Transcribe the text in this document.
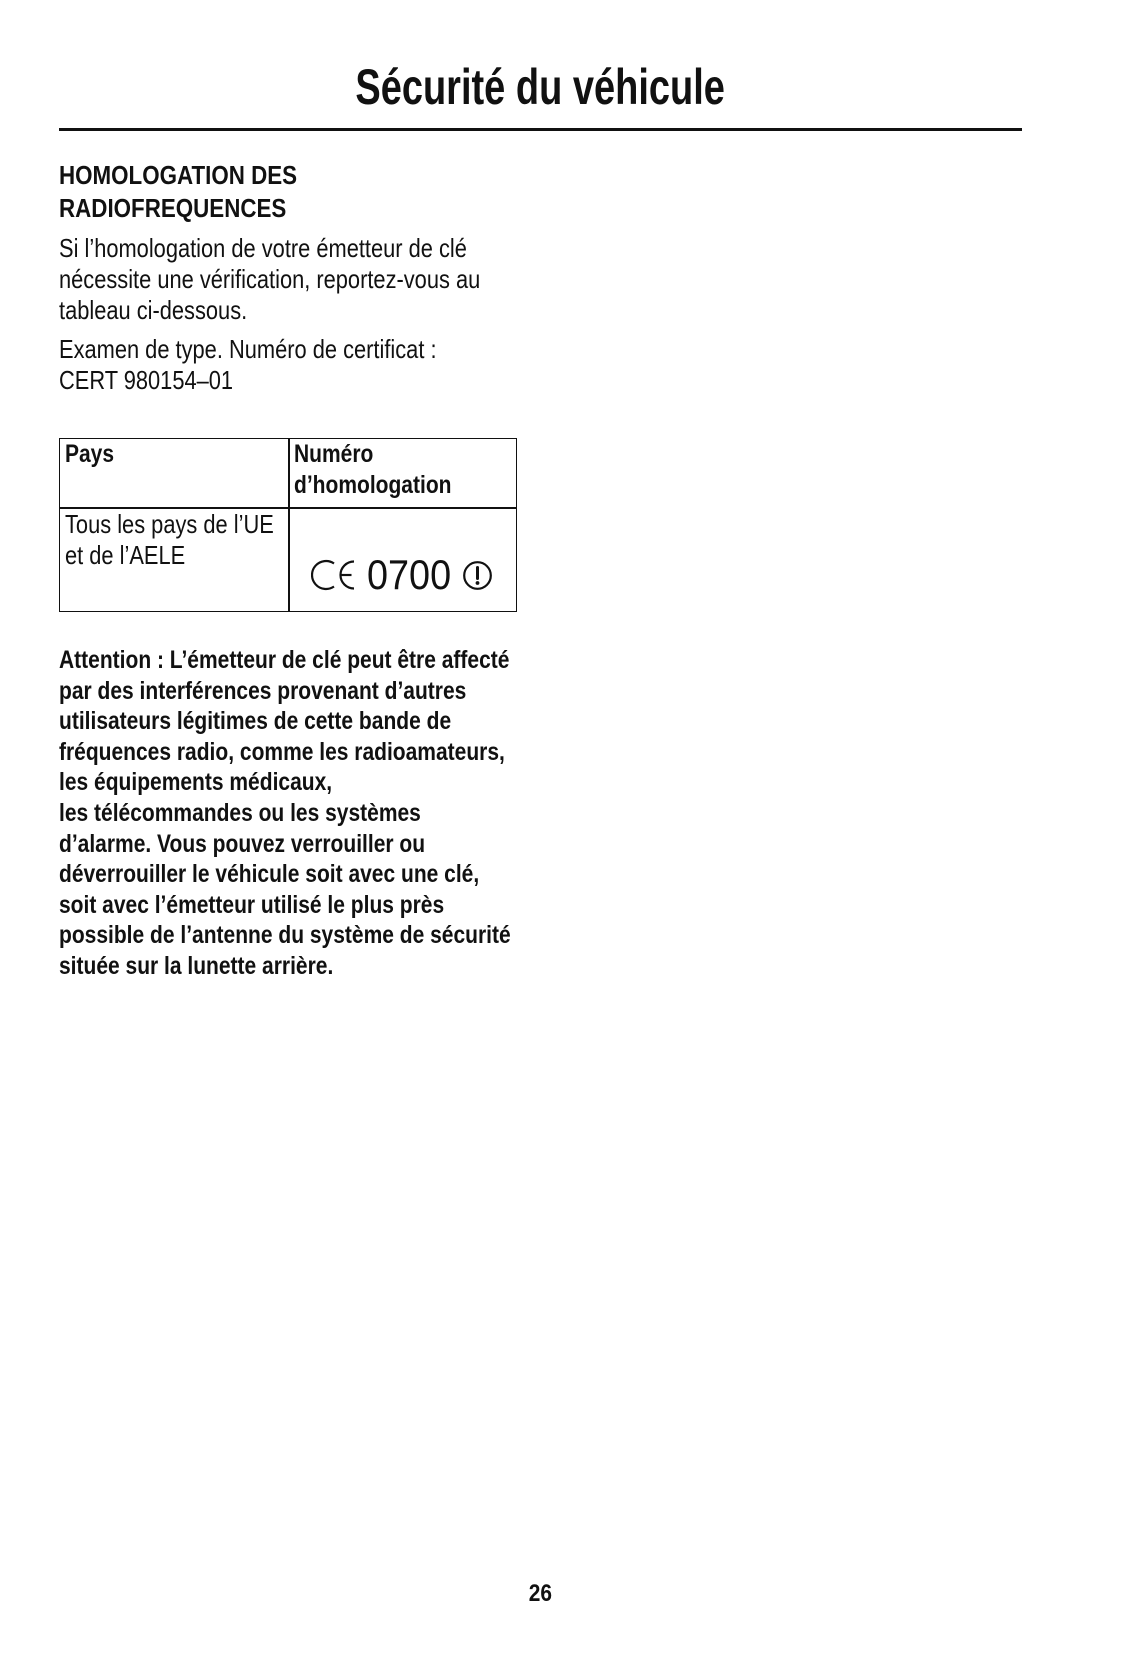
Sécurité du véhicule
HOMOLOGATION DES
RADIOFREQUENCES
Si l’homologation de votre émetteur de clé
nécessite une vérification, reportez-vous au
tableau ci-dessous.
Examen de type. Numéro de certificat :
CERT 980154–01
Pays	Numéro
d’homologation
Tous les pays de l’UE
et de l’AELE	0700
Attention : L’émetteur de clé peut être affecté
par des interférences provenant d’autres
utilisateurs légitimes de cette bande de
fréquences radio, comme les radioamateurs,
les équipements médicaux,
les télécommandes ou les systèmes
d’alarme. Vous pouvez verrouiller ou
déverrouiller le véhicule soit avec une clé,
soit avec l’émetteur utilisé le plus près
possible de l’antenne du système de sécurité
située sur la lunette arrière.
26
